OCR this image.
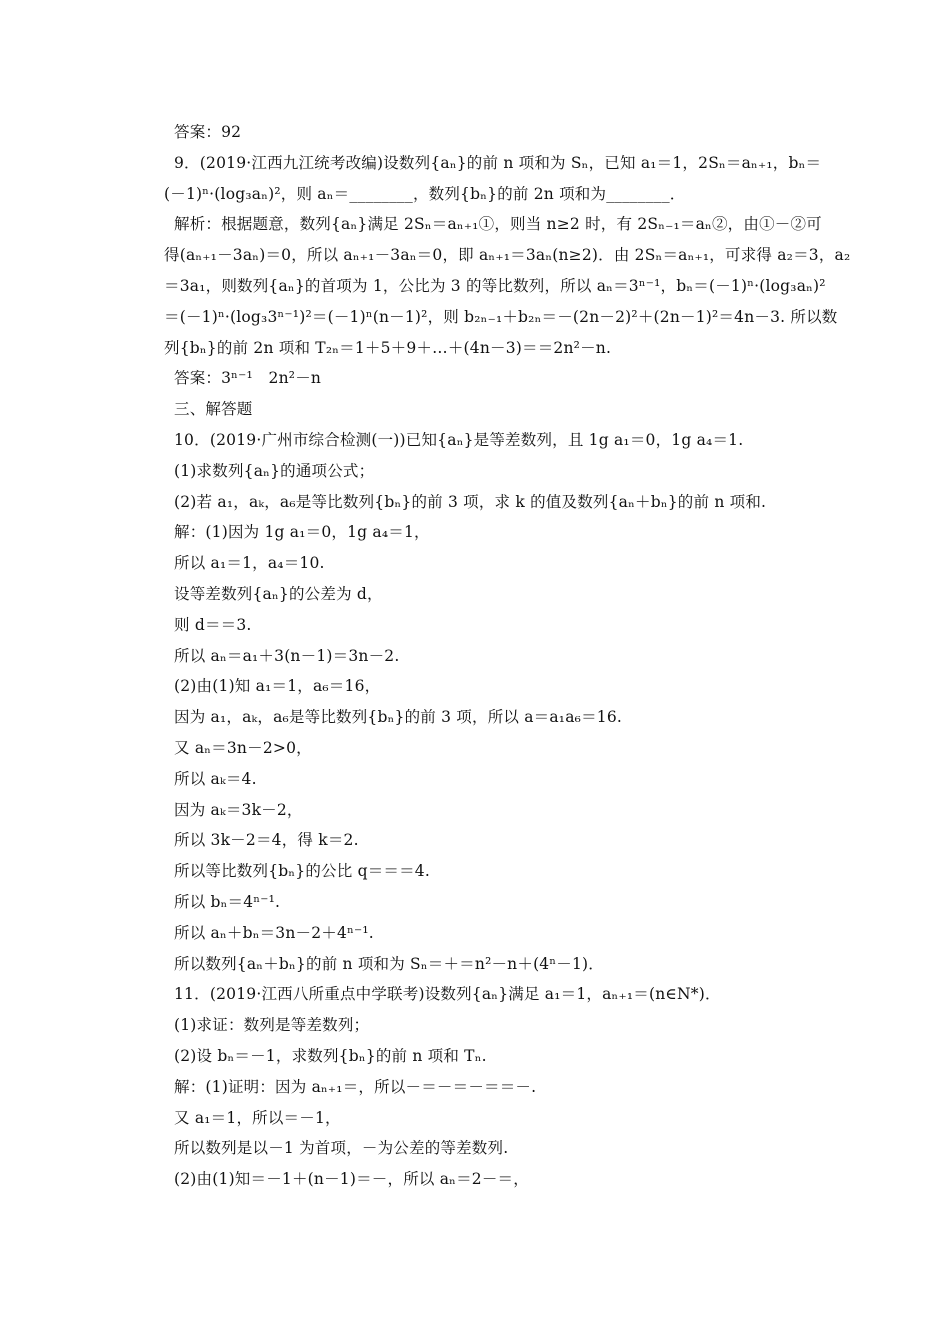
答案：92
9．(2019·江西九江统考改编)设数列{aₙ}的前 n 项和为 Sₙ，已知 a₁＝1，2Sₙ＝aₙ₊₁，bₙ＝
(－1)ⁿ·(log₃aₙ)²，则 aₙ＝________，数列{bₙ}的前 2n 项和为________．
解析：根据题意，数列{aₙ}满足 2Sₙ＝aₙ₊₁①，则当 n≥2 时，有 2Sₙ₋₁＝aₙ②，由①－②可
得(aₙ₊₁－3aₙ)＝0，所以 aₙ₊₁－3aₙ＝0，即 aₙ₊₁＝3aₙ(n≥2)．由 2Sₙ＝aₙ₊₁，可求得 a₂＝3，a₂
＝3a₁，则数列{aₙ}的首项为 1，公比为 3 的等比数列，所以 aₙ＝3ⁿ⁻¹，bₙ＝(－1)ⁿ·(log₃aₙ)²
＝(－1)ⁿ·(log₃3ⁿ⁻¹)²＝(－1)ⁿ(n－1)²，则 b₂ₙ₋₁＋b₂ₙ＝－(2n－2)²＋(2n－1)²＝4n－3. 所以数
列{bₙ}的前 2n 项和 T₂ₙ＝1＋5＋9＋…＋(4n－3)＝＝2n²－n.
答案：3ⁿ⁻¹　2n²－n
三、解答题
10．(2019·广州市综合检测(一))已知{aₙ}是等差数列，且 1g a₁＝0，1g a₄＝1.
(1)求数列{aₙ}的通项公式；
(2)若 a₁，aₖ，a₆是等比数列{bₙ}的前 3 项，求 k 的值及数列{aₙ＋bₙ}的前 n 项和.
解：(1)因为 1g a₁＝0，1g a₄＝1，
所以 a₁＝1，a₄＝10.
设等差数列{aₙ}的公差为 d，
则 d＝＝3.
所以 aₙ＝a₁＋3(n－1)＝3n－2.
(2)由(1)知 a₁＝1，a₆＝16，
因为 a₁，aₖ，a₆是等比数列{bₙ}的前 3 项，所以 a＝a₁a₆＝16.
又 aₙ＝3n－2>0，
所以 aₖ＝4.
因为 aₖ＝3k－2，
所以 3k－2＝4，得 k＝2.
所以等比数列{bₙ}的公比 q＝＝＝4.
所以 bₙ＝4ⁿ⁻¹.
所以 aₙ＋bₙ＝3n－2＋4ⁿ⁻¹.
所以数列{aₙ＋bₙ}的前 n 项和为 Sₙ＝＋＝n²－n＋(4ⁿ－1)．
11．(2019·江西八所重点中学联考)设数列{aₙ}满足 a₁＝1，aₙ₊₁＝(n∈N*)．
(1)求证：数列是等差数列；
(2)设 bₙ＝－1，求数列{bₙ}的前 n 项和 Tₙ.
解：(1)证明：因为 aₙ₊₁＝，所以－＝－＝－＝＝－.
又 a₁＝1，所以＝－1，
所以数列是以－1 为首项，－为公差的等差数列.
(2)由(1)知＝－1＋(n－1)＝－，所以 aₙ＝2－＝，
